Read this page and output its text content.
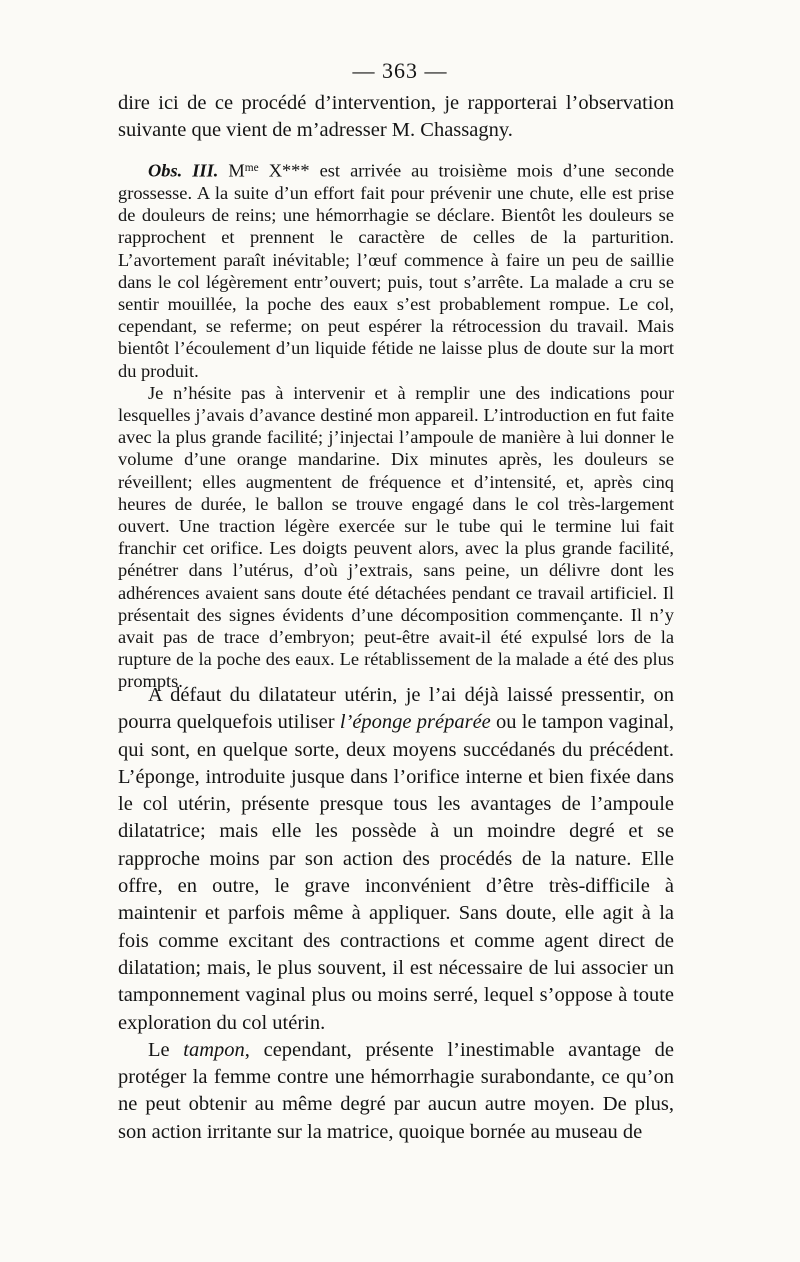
— 363 —

dire ici de ce procédé d’intervention, je rapporterai l’observation suivante que vient de m’adresser M. Chassagny.

Obs. III. $M^{me}$ X*** est arrivée au troisième mois d’une seconde grossesse. A la suite d’un effort fait pour prévenir une chute, elle est prise de douleurs de reins; une hémorrhagie se déclare. Bientôt les douleurs se rapprochent et prennent le caractère de celles de la parturition. L’avortement paraît inévitable; l’œuf commence à faire un peu de saillie dans le col légèrement entr’ouvert; puis, tout s’arrête. La malade a cru se sentir mouillée, la poche des eaux s’est probablement rompue. Le col, cependant, se referme; on peut espérer la rétrocession du travail. Mais bientôt l’écoulement d’un liquide fétide ne laisse plus de doute sur la mort du produit.

Je n’hésite pas à intervenir et à remplir une des indications pour lesquelles j’avais d’avance destiné mon appareil. L’introduction en fut faite avec la plus grande facilité; j’injectai l’ampoule de manière à lui donner le volume d’une orange mandarine. Dix minutes après, les douleurs se réveillent; elles augmentent de fréquence et d’intensité, et, après cinq heures de durée, le ballon se trouve engagé dans le col très-largement ouvert. Une traction légère exercée sur le tube qui le termine lui fait franchir cet orifice. Les doigts peuvent alors, avec la plus grande facilité, pénétrer dans l’utérus, d’où j’extrais, sans peine, un délivre dont les adhérences avaient sans doute été détachées pendant ce travail artificiel. Il présentait des signes évidents d’une décomposition commençante. Il n’y avait pas de trace d’embryon; peut-être avait-il été expulsé lors de la rupture de la poche des eaux. Le rétablissement de la malade a été des plus prompts.

A défaut du dilatateur utérin, je l’ai déjà laissé pressentir, on pourra quelquefois utiliser l’éponge préparée ou le tampon vaginal, qui sont, en quelque sorte, deux moyens succédanés du précédent. L’éponge, introduite jusque dans l’orifice interne et bien fixée dans le col utérin, présente presque tous les avantages de l’ampoule dilatatrice; mais elle les possède à un moindre degré et se rapproche moins par son action des procédés de la nature. Elle offre, en outre, le grave inconvénient d’être très-difficile à maintenir et parfois même à appliquer. Sans doute, elle agit à la fois comme excitant des contractions et comme agent direct de dilatation; mais, le plus souvent, il est nécessaire de lui associer un tamponnement vaginal plus ou moins serré, lequel s’oppose à toute exploration du col utérin.

Le tampon, cependant, présente l’inestimable avantage de protéger la femme contre une hémorrhagie surabondante, ce qu’on ne peut obtenir au même degré par aucun autre moyen. De plus, son action irritante sur la matrice, quoique bornée au museau de
